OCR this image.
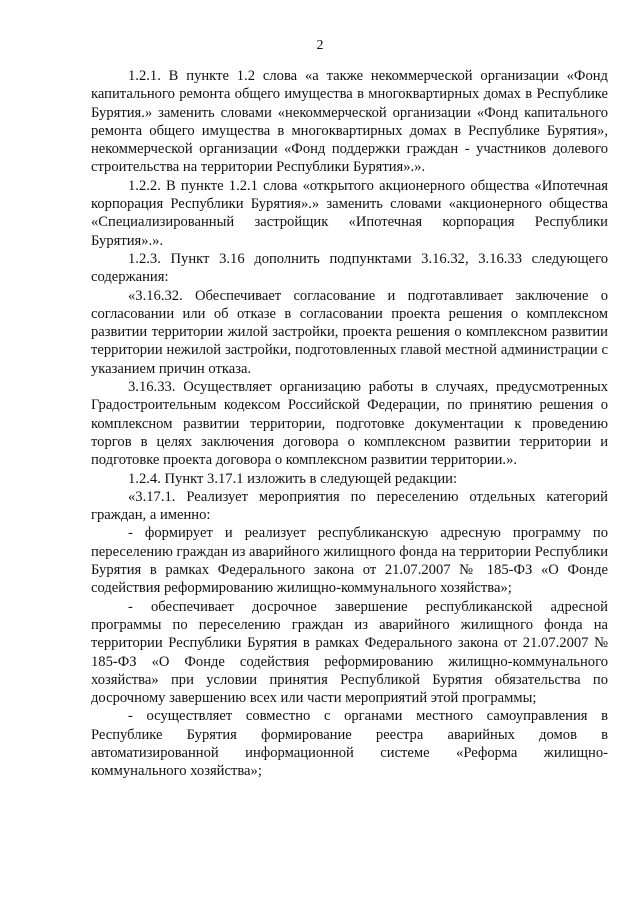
2

1.2.1. В пункте 1.2 слова «а также некоммерческой организации «Фонд капитального ремонта общего имущества в многоквартирных домах в Республике Бурятия.» заменить словами «некоммерческой организации «Фонд капитального ремонта общего имущества в многоквартирных домах в Республике Бурятия», некоммерческой организации «Фонд поддержки граждан - участников долевого строительства на территории Республики Бурятия».».

1.2.2. В пункте 1.2.1 слова «открытого акционерного общества «Ипотечная корпорация Республики Бурятия».» заменить словами «акционерного общества «Специализированный застройщик «Ипотечная корпорация Республики Бурятия».».

1.2.3. Пункт 3.16 дополнить подпунктами 3.16.32, 3.16.33 следующего содержания:

«3.16.32. Обеспечивает согласование и подготавливает заключение о согласовании или об отказе в согласовании проекта решения о комплексном развитии территории жилой застройки, проекта решения о комплексном развитии территории нежилой застройки, подготовленных главой местной администрации с указанием причин отказа.

3.16.33. Осуществляет организацию работы в случаях, предусмотренных Градостроительным кодексом Российской Федерации, по принятию решения о комплексном развитии территории, подготовке документации к проведению торгов в целях заключения договора о комплексном развитии территории и подготовке проекта договора о комплексном развитии территории.».

1.2.4. Пункт 3.17.1 изложить в следующей редакции:

«3.17.1. Реализует мероприятия по переселению отдельных категорий граждан, а именно:

- формирует и реализует республиканскую адресную программу по переселению граждан из аварийного жилищного фонда на территории Республики Бурятия в рамках Федерального закона от 21.07.2007 № 185-ФЗ «О Фонде содействия реформированию жилищно-коммунального хозяйства»;

- обеспечивает досрочное завершение республиканской адресной программы по переселению граждан из аварийного жилищного фонда на территории Республики Бурятия в рамках Федерального закона от 21.07.2007 № 185-ФЗ «О Фонде содействия реформированию жилищно-коммунального хозяйства» при условии принятия Республикой Бурятия обязательства по досрочному завершению всех или части мероприятий этой программы;

- осуществляет совместно с органами местного самоуправления в Республике Бурятия формирование реестра аварийных домов в автоматизированной информационной системе «Реформа жилищно-коммунального хозяйства»;
